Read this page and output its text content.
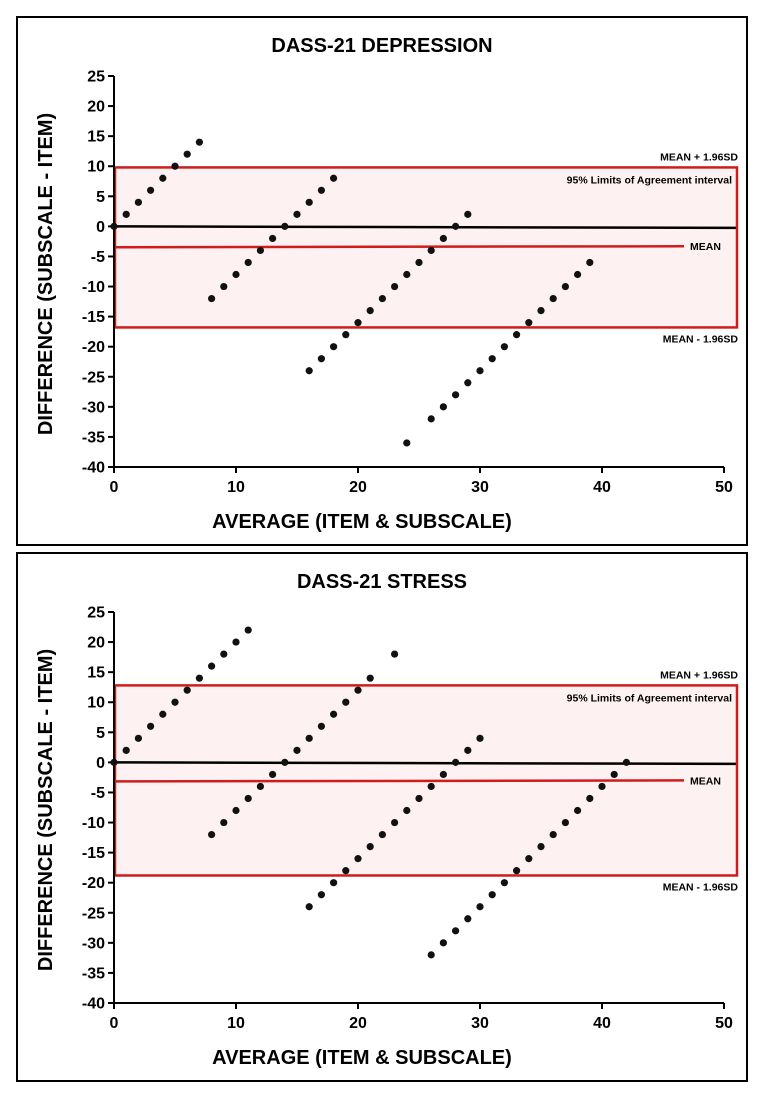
DASS-21 DEPRESSION
25
20
15
10
5
0
-5
-10
-15
-20
-25
-30
-35
-40
0	10	20	30	40	50
AVERAGE (ITEM & SUBSCALE)
DIFFERENCE (SUBSCALE - ITEM)	MEAN + 1.96SD
95% Limits of Agreement interval
MEAN
MEAN - 1.96SD
DASS-21 STRESS
25
20
15
10
5
0
-5
-10
-15
-20
-25
-30
-35
-40
0	10	20	30	40	50
AVERAGE (ITEM & SUBSCALE)
DIFFERENCE (SUBSCALE - ITEM)	MEAN + 1.96SD
95% Limits of Agreement interval
MEAN
MEAN - 1.96SD
